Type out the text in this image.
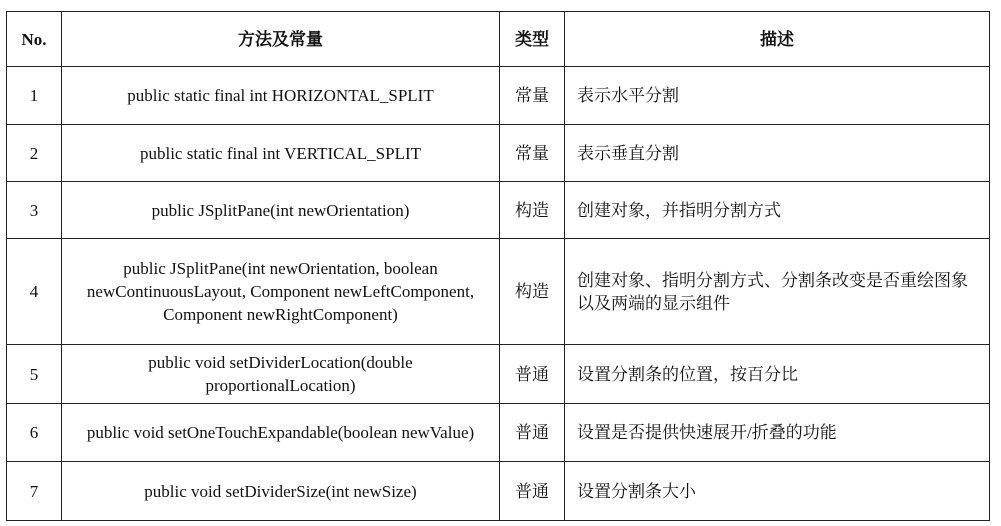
No.	方法及常量	类型	描述
1	public static final int HORIZONTAL_SPLIT	常量	表示水平分割
2	public static final int VERTICAL_SPLIT	常量	表示垂直分割
3	public JSplitPane(int newOrientation)	构造	创建对象，并指明分割方式
4	public JSplitPane(int newOrientation, boolean newContinuousLayout, Component newLeftComponent, Component newRightComponent)	构造	创建对象、指明分割方式、分割条改变是否重绘图象以及两端的显示组件
5	public void setDividerLocation(double proportionalLocation)	普通	设置分割条的位置，按百分比
6	public void setOneTouchExpandable(boolean newValue)	普通	设置是否提供快速展开/折叠的功能
7	public void setDividerSize(int newSize)	普通	设置分割条大小
